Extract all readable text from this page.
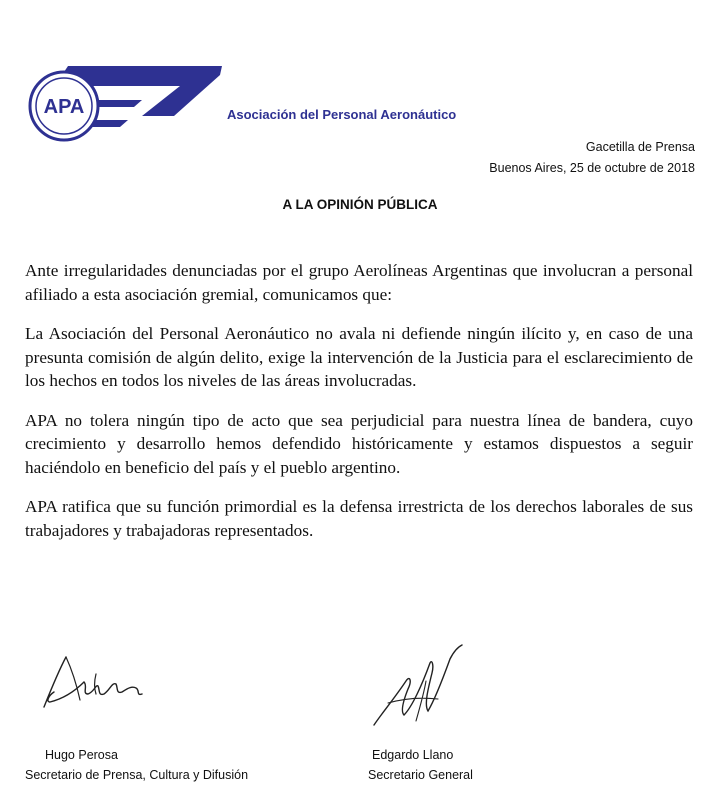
APA	Asociación del Personal Aeronáutico
Gacetilla de Prensa
Buenos Aires, 25 de octubre de 2018
A LA OPINIÓN PÚBLICA

Ante irregularidades denunciadas por el grupo Aerolíneas Argentinas que involucran a personal afiliado a esta asociación gremial, comunicamos que:

La Asociación del Personal Aeronáutico no avala ni defiende ningún ilícito y, en caso de una presunta comisión de algún delito, exige la intervención de la Justicia para el esclarecimiento de los hechos en todos los niveles de las áreas involucradas.

APA no tolera ningún tipo de acto que sea perjudicial para nuestra línea de bandera, cuyo crecimiento y desarrollo hemos defendido históricamente y estamos dispuestos a seguir haciéndolo en beneficio del país y el pueblo argentino.

APA ratifica que su función primordial es la defensa irrestricta de los derechos laborales de sus trabajadores y trabajadoras representados.

Hugo Perosa
Secretario de Prensa, Cultura y Difusión
Edgardo Llano
Secretario General
